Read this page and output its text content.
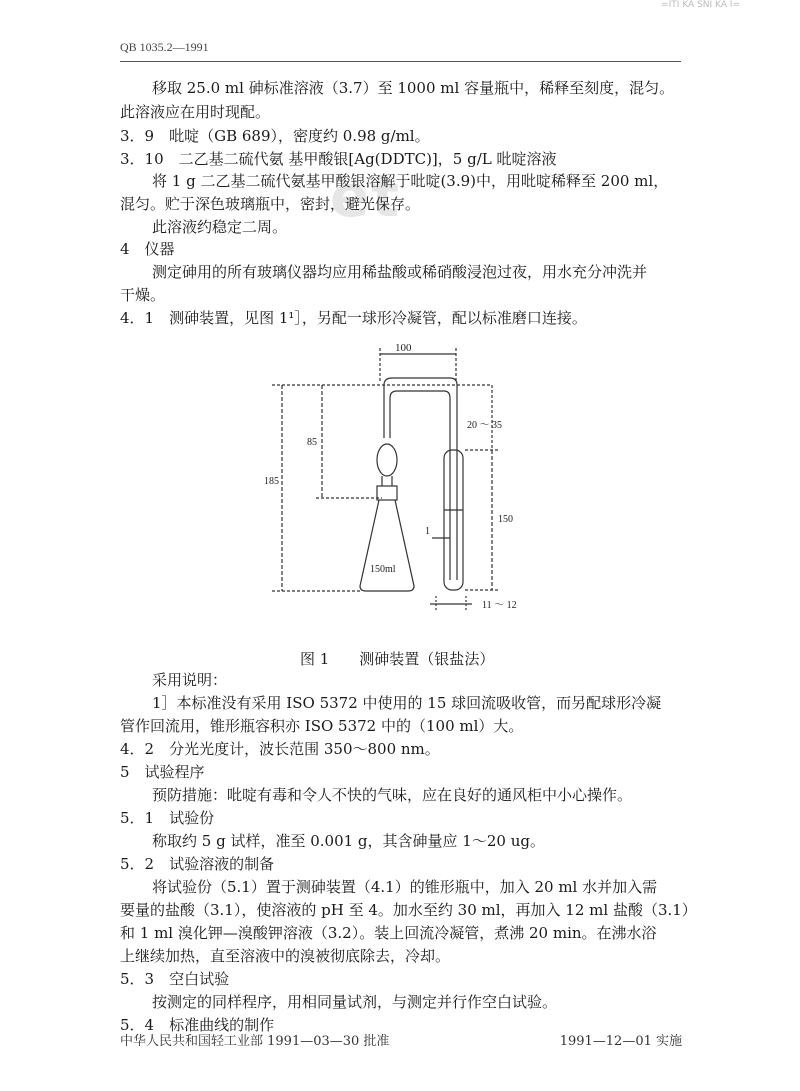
=ITI KA SNI KA I=
QB 1035.2—1991
et
移取 25.0 ml 砷标准溶液（3.7）至 1000 ml 容量瓶中，稀释至刻度，混匀。
此溶液应在用时现配。
3．9　吡啶（GB 689），密度约 0.98 g/ml。
3．10　二乙基二硫代氨 基甲酸银[Ag(DDTC)]，5 g/L 吡啶溶液
将 1 g 二乙基二硫代氨基甲酸银溶解于吡啶(3.9)中，用吡啶稀释至 200 ml，
混匀。贮于深色玻璃瓶中，密封，避光保存。
此溶液约稳定二周。
4　仪器
测定砷用的所有玻璃仪器均应用稀盐酸或稀硝酸浸泡过夜，用水充分冲洗并
干燥。
4．1　测砷装置，见图 1¹］，另配一球形冷凝管，配以标准磨口连接。
100
20 ～ 35
85
185
150
1
150ml
11 ～ 12
图 1　　测砷装置（银盐法）
采用说明：
1］本标准没有采用 ISO 5372 中使用的 15 球回流吸收管，而另配球形冷凝
管作回流用，锥形瓶容积亦 ISO 5372 中的（100 ml）大。
4．2　分光光度计，波长范围 350～800 nm。
5　试验程序
预防措施：吡啶有毒和令人不快的气味，应在良好的通风柜中小心操作。
5．1　试验份
称取约 5 g 试样，准至 0.001 g，其含砷量应 1～20 ug。
5．2　试验溶液的制备
将试验份（5.1）置于测砷装置（4.1）的锥形瓶中，加入 20 ml 水并加入需
要量的盐酸（3.1），使溶液的 pH 至 4。加水至约 30 ml，再加入 12 ml 盐酸（3.1）
和 1 ml 溴化钾—溴酸钾溶液（3.2）。装上回流冷凝管，煮沸 20 min。在沸水浴
上继续加热，直至溶液中的溴被彻底除去，冷却。
5．3　空白试验
按测定的同样程序，用相同量试剂，与测定并行作空白试验。
5．4　标准曲线的制作
中华人民共和国轻工业部 1991—03—30 批准	1991—12—01 实施
